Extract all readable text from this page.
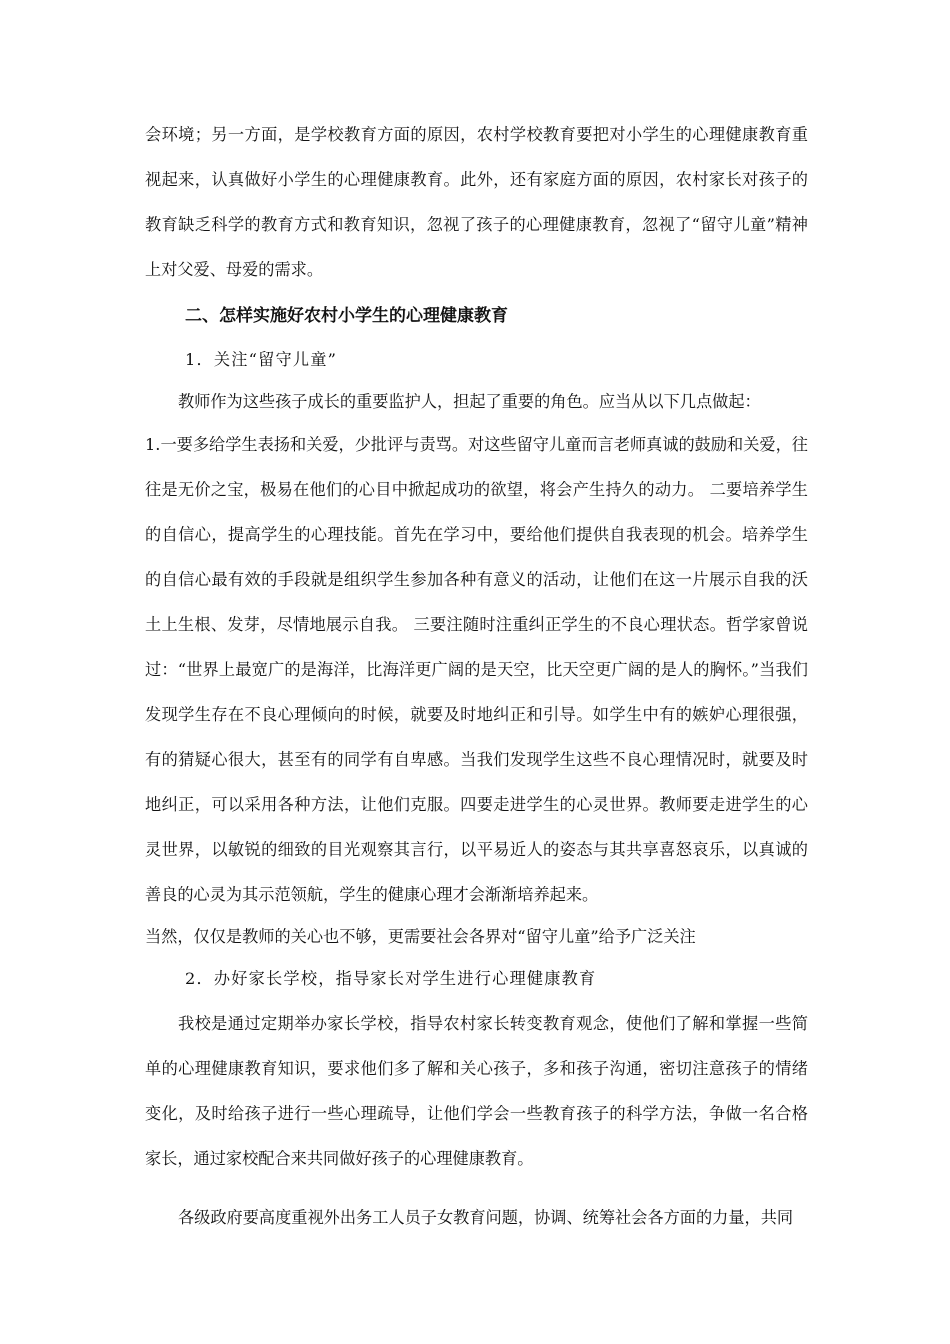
会环境；另一方面，是学校教育方面的原因，农村学校教育要把对小学生的心理健康教育重视起来，认真做好小学生的心理健康教育。此外，还有家庭方面的原因，农村家长对孩子的教育缺乏科学的教育方式和教育知识，忽视了孩子的心理健康教育，忽视了“留守儿童”精神上对父爱、母爱的需求。

二、怎样实施好农村小学生的心理健康教育

1．关注“留守儿童”

教师作为这些孩子成长的重要监护人，担起了重要的角色。应当从以下几点做起：

1.一要多给学生表扬和关爱，少批评与责骂。对这些留守儿童而言老师真诚的鼓励和关爱，往往是无价之宝，极易在他们的心目中掀起成功的欲望，将会产生持久的动力。 二要培养学生的自信心，提高学生的心理技能。首先在学习中，要给他们提供自我表现的机会。培养学生的自信心最有效的手段就是组织学生参加各种有意义的活动，让他们在这一片展示自我的沃土上生根、发芽，尽情地展示自我。 三要注随时注重纠正学生的不良心理状态。哲学家曾说过：“世界上最宽广的是海洋，比海洋更广阔的是天空，比天空更广阔的是人的胸怀。”当我们发现学生存在不良心理倾向的时候，就要及时地纠正和引导。如学生中有的嫉妒心理很强，有的猜疑心很大，甚至有的同学有自卑感。当我们发现学生这些不良心理情况时，就要及时地纠正，可以采用各种方法，让他们克服。四要走进学生的心灵世界。教师要走进学生的心灵世界，以敏锐的细致的目光观察其言行，以平易近人的姿态与其共享喜怒哀乐，以真诚的善良的心灵为其示范领航，学生的健康心理才会渐渐培养起来。

当然，仅仅是教师的关心也不够，更需要社会各界对“留守儿童”给予广泛关注

2．办好家长学校，指导家长对学生进行心理健康教育

我校是通过定期举办家长学校，指导农村家长转变教育观念，使他们了解和掌握一些简单的心理健康教育知识，要求他们多了解和关心孩子，多和孩子沟通，密切注意孩子的情绪变化，及时给孩子进行一些心理疏导，让他们学会一些教育孩子的科学方法，争做一名合格家长，通过家校配合来共同做好孩子的心理健康教育。

各级政府要高度重视外出务工人员子女教育问题，协调、统筹社会各方面的力量，共同
